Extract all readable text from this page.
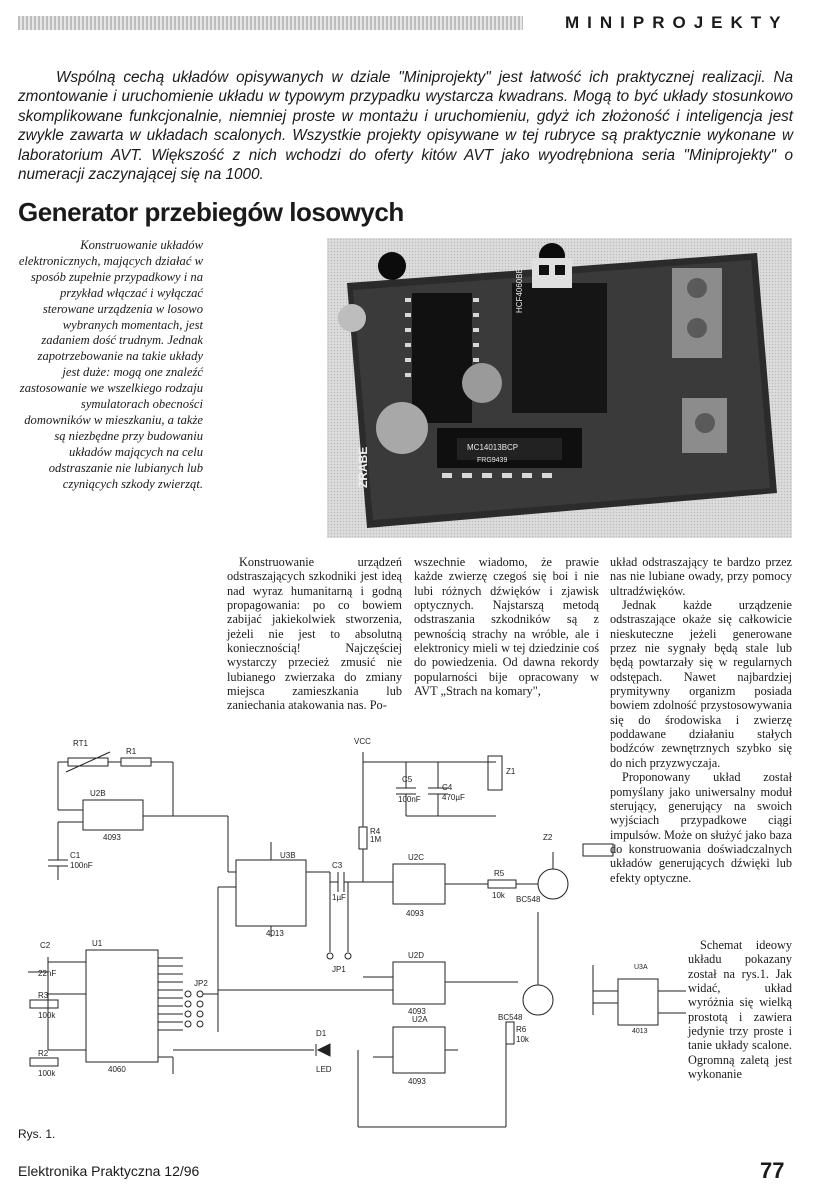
MINIPROJEKTY
Wspólną cechą układów opisywanych w dziale "Miniprojekty" jest łatwość ich praktycznej realizacji. Na zmontowanie i uruchomienie układu w typowym przypadku wystarcza kwadrans. Mogą to być układy stosunkowo skomplikowane funkcjonalnie, niemniej proste w montażu i uruchomieniu, gdyż ich złożoność i inteligencja jest zwykle zawarta w układach scalonych. Wszystkie projekty opisywane w tej rubryce są praktycznie wykonane w laboratorium AVT. Większość z nich wchodzi do oferty kitów AVT jako wyodrębniona seria "Miniprojekty" o numeracji zaczynającej się na 1000.
Generator przebiegów losowych
Konstruowanie układów elektronicznych, mających działać w sposób zupełnie przypadkowy i na przykład włączać i wyłączać sterowane urządzenia w losowo wybranych momentach, jest zadaniem dość trudnym. Jednak zapotrzebowanie na takie układy jest duże: mogą one znaleźć zastosowanie we wszelkiego rodzaju symulatorach obecności domowników w mieszkaniu, a także są niezbędne przy budowaniu układów mających na celu odstraszanie nie lubianych lub czyniących szkody zwierząt.
HCF4060BE
MC14013BCP
FRG9439
ZRABE

Konstruowanie urządzeń odstraszających szkodniki jest ideą nad wyraz humanitarną i godną propagowania: po co bowiem zabijać jakiekolwiek stworzenia, jeżeli nie jest to absolutną koniecznością! Najczęściej wystarczy przecież zmusić nie lubianego zwierzaka do zmiany miejsca zamieszkania lub zaniechania atakowania nas. Po-

wszechnie wiadomo, że prawie każde zwierzę czegoś się boi i nie lubi różnych dźwięków i zjawisk optycznych. Najstarszą metodą odstraszania szkodników są z pewnością strachy na wróble, ale i elektronicy mieli w tej dziedzinie coś do powiedzenia. Od dawna rekordy popularności bije opracowany w AVT „Strach na komary",

układ odstraszający te bardzo przez nas nie lubiane owady, przy pomocy ultradźwięków.

Jednak każde urządzenie odstraszające okaże się całkowicie nieskuteczne jeżeli generowane przez nie sygnały będą stale lub będą powtarzały się w regularnych odstępach. Nawet najbardziej prymitywny organizm posiada bowiem zdolność przystosowywania się do środowiska i zwierzę poddawane działaniu stałych bodźców zewnętrznych szybko się do nich przyzwyczaja.

Proponowany układ został pomyślany jako uniwersalny moduł sterujący, generujący na swoich wyjściach przypadkowe ciągi impulsów. Może on służyć jako baza do konstruowania doświadczalnych układów generujących dźwięki lub efekty optyczne.

Schemat ideowy układu pokazany został na rys.1. Jak widać, układ wyróżnia się wielką prostotą i zawiera jedynie trzy proste i tanie układy scalone. Ogromną zaletą jest wykonanie

RT1
R1
U2B
4093
C1
100nF
VCC
C5
100nF
C4
470µF
Z1
R4
1M
U3B
4013
C3
1µF
U2C
4093
R5
10k BC548
Z2
C2
22nF
R3
100k
R2
100k
U1
4060
JP2
JP1
U2D
4093
BC548
R6
10k
D1
LED
U2A
4093
U3A
4013
Rys. 1.
Elektronika Praktyczna 12/96	77
